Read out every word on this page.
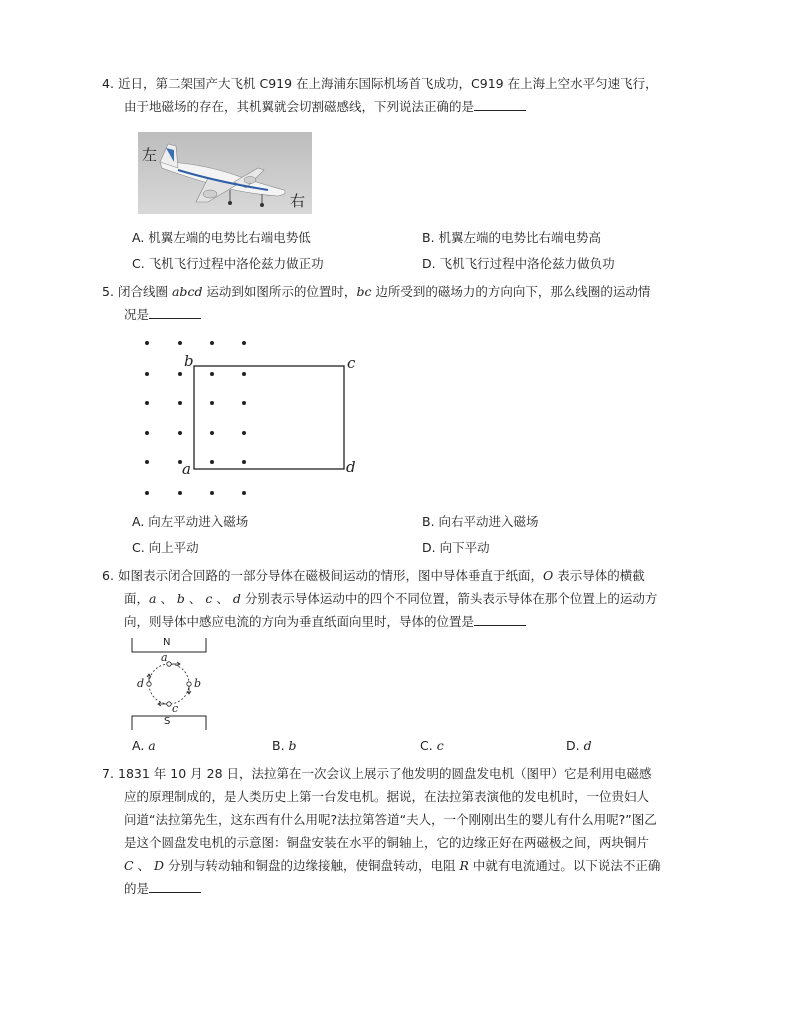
4. 近日，第二架国产大飞机 C919 在上海浦东国际机场首飞成功，C919 在上海上空水平匀速飞行，
由于地磁场的存在，其机翼就会切割磁感线，下列说法正确的是
左
右
A. 机翼左端的电势比右端电势低	B. 机翼左端的电势比右端电势高
C. 飞机飞行过程中洛伦兹力做正功	D. 飞机飞行过程中洛伦兹力做负功
5. 闭合线圈 abcd 运动到如图所示的位置时，bc 边所受到的磁场力的方向向下，那么线圈的运动情
况是
b	c
a	d
A. 向左平动进入磁场	B. 向右平动进入磁场
C. 向上平动	D. 向下平动
6. 如图表示闭合回路的一部分导体在磁极间运动的情形，图中导体垂直于纸面，O 表示导体的横截
面，a 、 b 、 c 、 d 分别表示导体运动中的四个不同位置，箭头表示导体在那个位置上的运动方
向，则导体中感应电流的方向为垂直纸面向里时，导体的位置是
N
S
a
b
c
d
A. a	B. b	C. c	D. d
7. 1831 年 10 月 28 日，法拉第在一次会议上展示了他发明的圆盘发电机（图甲）它是利用电磁感
应的原理制成的，是人类历史上第一台发电机。据说，在法拉第表演他的发电机时，一位贵妇人
问道“法拉第先生，这东西有什么用呢?法拉第答道“夫人，一个刚刚出生的婴儿有什么用呢?”图乙
是这个圆盘发电机的示意图：铜盘安装在水平的铜轴上，它的边缘正好在两磁极之间，两块铜片
C 、 D 分别与转动轴和铜盘的边缘接触，使铜盘转动，电阻 R 中就有电流通过。以下说法不正确
的是
